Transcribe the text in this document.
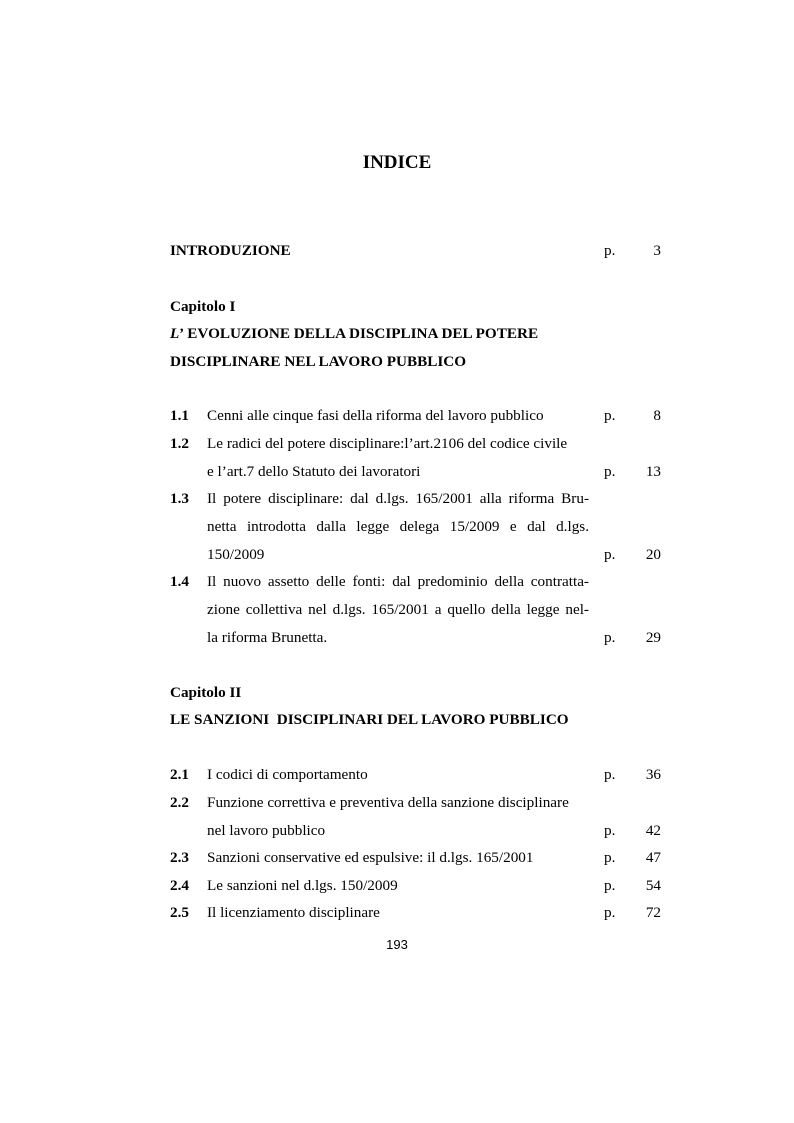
INDICE
INTRODUZIONE	p.	3
Capitolo I
L’ EVOLUZIONE DELLA DISCIPLINA DEL POTERE
DISCIPLINARE NEL LAVORO PUBBLICO
1.1 Cenni alle cinque fasi della riforma del lavoro pubblico	p.	8
1.2 Le radici del potere disciplinare:l’art.2106 del codice civile
e l’art.7 dello Statuto dei lavoratori	p. 13
1.3 Il potere disciplinare: dal d.lgs. 165/2001 alla riforma Bru-
netta introdotta dalla legge delega 15/2009 e dal d.lgs.
150/2009	p. 20
1.4 Il nuovo assetto delle fonti: dal predominio della contratta-
zione collettiva nel d.lgs. 165/2001 a quello della legge nel-
la riforma Brunetta.	p. 29
Capitolo II
LE SANZIONI  DISCIPLINARI DEL LAVORO PUBBLICO
2.1 I codici di comportamento	p. 36
2.2 Funzione correttiva e preventiva della sanzione disciplinare
nel lavoro pubblico	p. 42
2.3 Sanzioni conservative ed espulsive: il d.lgs. 165/2001	p. 47
2.4 Le sanzioni nel d.lgs. 150/2009	p. 54
2.5 Il licenziamento disciplinare	p. 72
193
